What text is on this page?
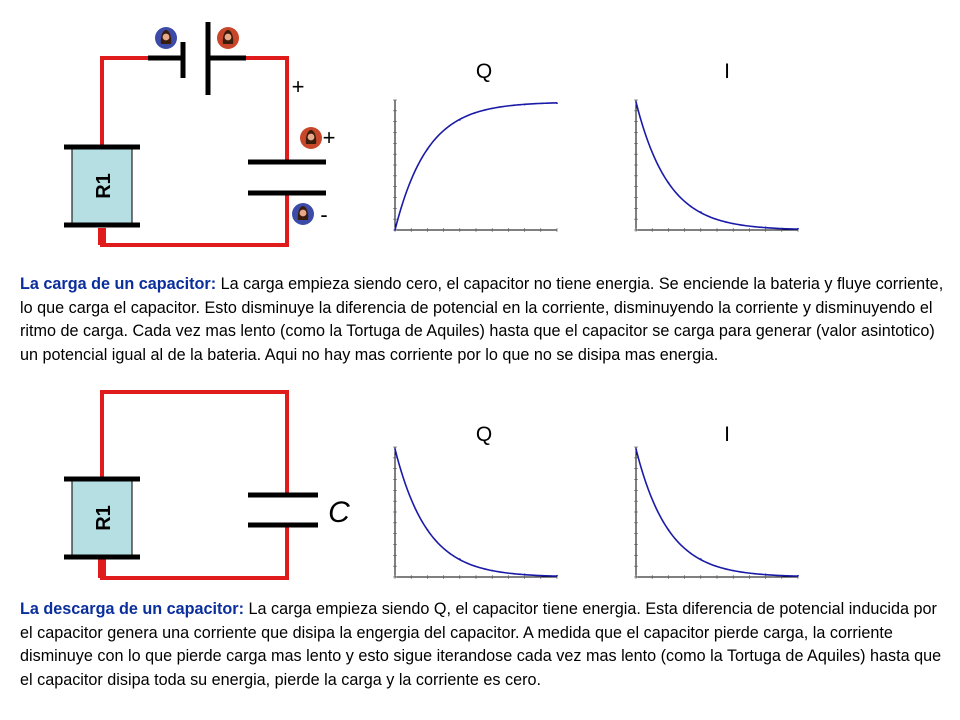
R1
+
+
-
Q	I
R1	C
Q	I

La carga de un capacitor: La carga empieza siendo cero, el capacitor no tiene energia. Se enciende la bateria y fluye corriente, lo que carga el capacitor. Esto disminuye la diferencia de potencial en la corriente, disminuyendo la corriente y disminuyendo el ritmo de carga. Cada vez mas lento (como la Tortuga de Aquiles) hasta que el capacitor se carga para generar (valor asintotico) un potencial igual al de la bateria. Aqui no hay mas corriente por lo que no se disipa mas energia.

La descarga de un capacitor: La carga empieza siendo Q, el capacitor tiene energia. Esta diferencia de potencial inducida por el capacitor genera una corriente que disipa la engergia del capacitor. A medida que el capacitor pierde carga, la corriente disminuye con lo que pierde carga mas lento y esto sigue iterandose cada vez mas lento (como la Tortuga de Aquiles) hasta que el capacitor disipa toda su energia, pierde la carga y la corriente es cero.
